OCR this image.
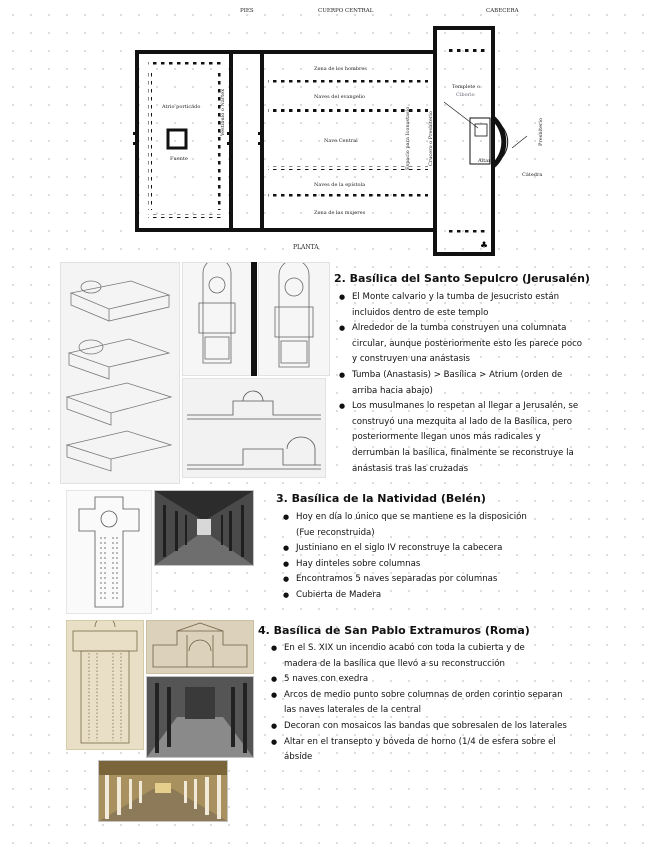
PIES	CUERPO CENTRAL	CABECERA
♣
Atrio porticado
Fuente
Vestíbulo o Nártex
Zona de los hombres
Naves del evangelio
Nave Central
Naves de la epístola
Zona de las mujeres
Espacio para Iconostasio	Crucero o Presbiterio
Templete o
Ciborio
Altar
Presbiterio
Cátedra
PLANTA
2. Basílica del Santo Sepulcro (Jerusalén)
● El Monte calvario y la tumba de Jesucristo están
incluidos dentro de este templo
● Alrededor de la tumba construyen una columnata
circular, aunque posteriormente esto les parece poco
y construyen una anástasis
● Tumba (Anastasis) > Basílica > Atrium (orden de
arriba hacia abajo)
● Los musulmanes lo respetan al llegar a Jerusalén, se
construyó una mezquita al lado de la Basílica, pero
posteriormente llegan unos más radicales y
derrumban la basílica, finalmente se reconstruye la
anástasis tras las cruzadas
3. Basílica de la Natividad (Belén)
● Hoy en día lo único que se mantiene es la disposición
(Fue reconstruida)
● Justiniano en el siglo IV reconstruye la cabecera
● Hay dinteles sobre columnas
● Encontramos 5 naves separadas por columnas
● Cubierta de Madera
4. Basílica de San Pablo Extramuros (Roma)
● En el S. XIX un incendio acabó con toda la cubierta y de
madera de la basílica que llevó a su reconstrucción
● 5 naves con exedra
● Arcos de medio punto sobre columnas de orden corintio separan
las naves laterales de la central
● Decoran con mosaicos las bandas que sobresalen de los laterales
● Altar en el transepto y bóveda de horno (1/4 de esfera sobre el
ábside
